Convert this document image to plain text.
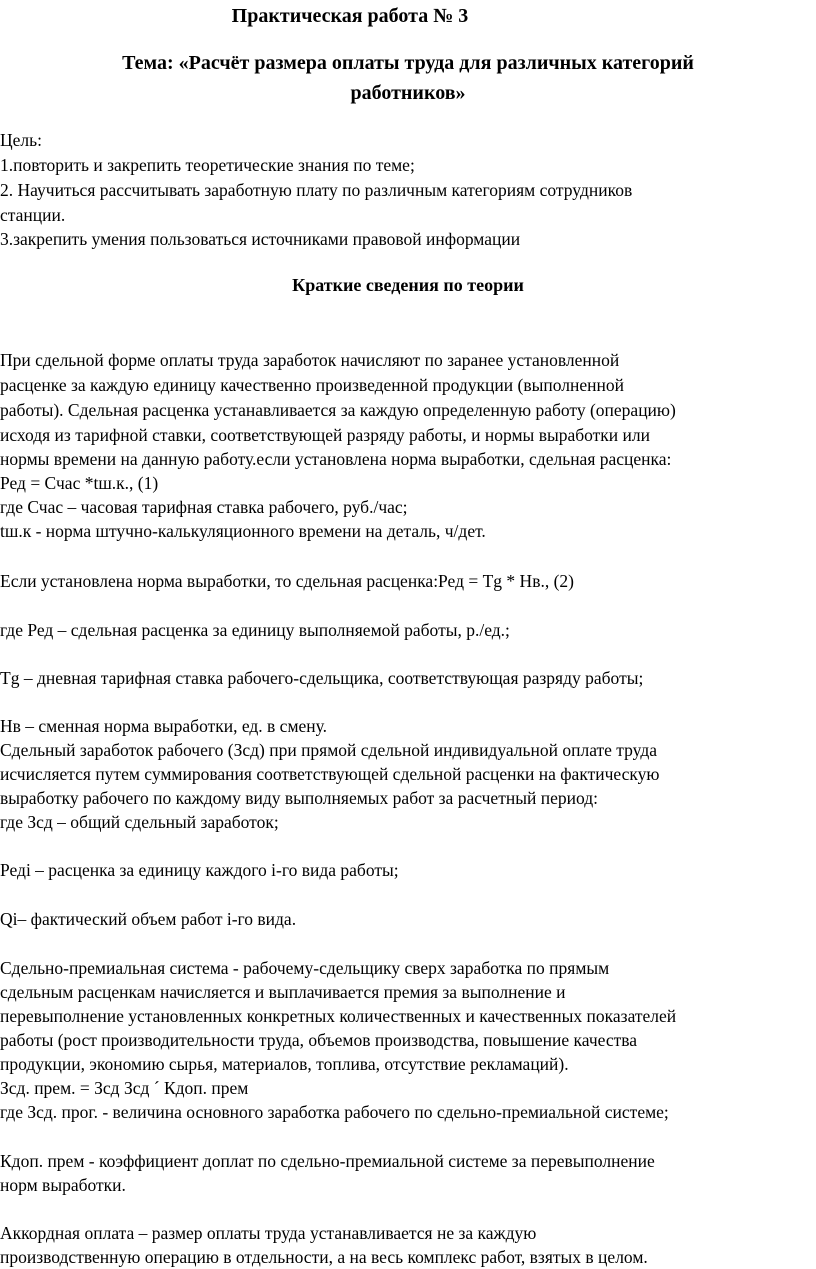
Практическая работа № 3
Тема: «Расчёт размера оплаты труда для различных категорий
работников»
Цель:
1.повторить и закрепить теоретические знания по теме;
2. Научиться рассчитывать заработную плату по различным категориям сотрудников
станции.
3.закрепить умения пользоваться источниками правовой информации
Краткие сведения по теории
При сдельной форме оплаты труда заработок начисляют по заранее установленной
расценке за каждую единицу качественно произведенной продукции (выполненной
работы). Сдельная расценка устанавливается за каждую определенную работу (операцию)
исходя из тарифной ставки, соответствующей разряду работы, и нормы выработки или
нормы времени на данную работу.если установлена норма выработки, сдельная расценка:
Ред = Счас *tш.к., (1)
где Счас – часовая тарифная ставка рабочего, руб./час;
tш.к - норма штучно-калькуляционного времени на деталь, ч/дет.
Если установлена норма выработки, то сдельная расценка:Ред = Tg * Нв., (2)
где Ред – сдельная расценка за единицу выполняемой работы, р./ед.;
Tg – дневная тарифная ставка рабочего-сдельщика, соответствующая разряду работы;
Нв – сменная норма выработки, ед. в смену.
Сдельный заработок рабочего (Зсд) при прямой сдельной индивидуальной оплате труда
исчисляется путем суммирования соответствующей сдельной расценки на фактическую
выработку рабочего по каждому виду выполняемых работ за расчетный период:
где Зсд – общий сдельный заработок;
Редi – расценка за единицу каждого i-го вида работы;
Qi– фактический объем работ i-го вида.
Сдельно-премиальная система - рабочему-сдельщику сверх заработка по прямым
сдельным расценкам начисляется и выплачивается премия за выполнение и
перевыполнение установленных конкретных количественных и качественных показателей
работы (рост производительности труда, объемов производства, повышение качества
продукции, экономию сырья, материалов, топлива, отсутствие рекламаций).
Зсд. прем. = Зсд Зсд ´ Кдоп. прем
где Зсд. прог. - величина основного заработка рабочего по сдельно-премиальной системе;
Кдоп. прем - коэффициент доплат по сдельно-премиальной системе за перевыполнение
норм выработки.
Аккордная оплата – размер оплаты труда устанавливается не за каждую
производственную операцию в отдельности, а на весь комплекс работ, взятых в целом.
